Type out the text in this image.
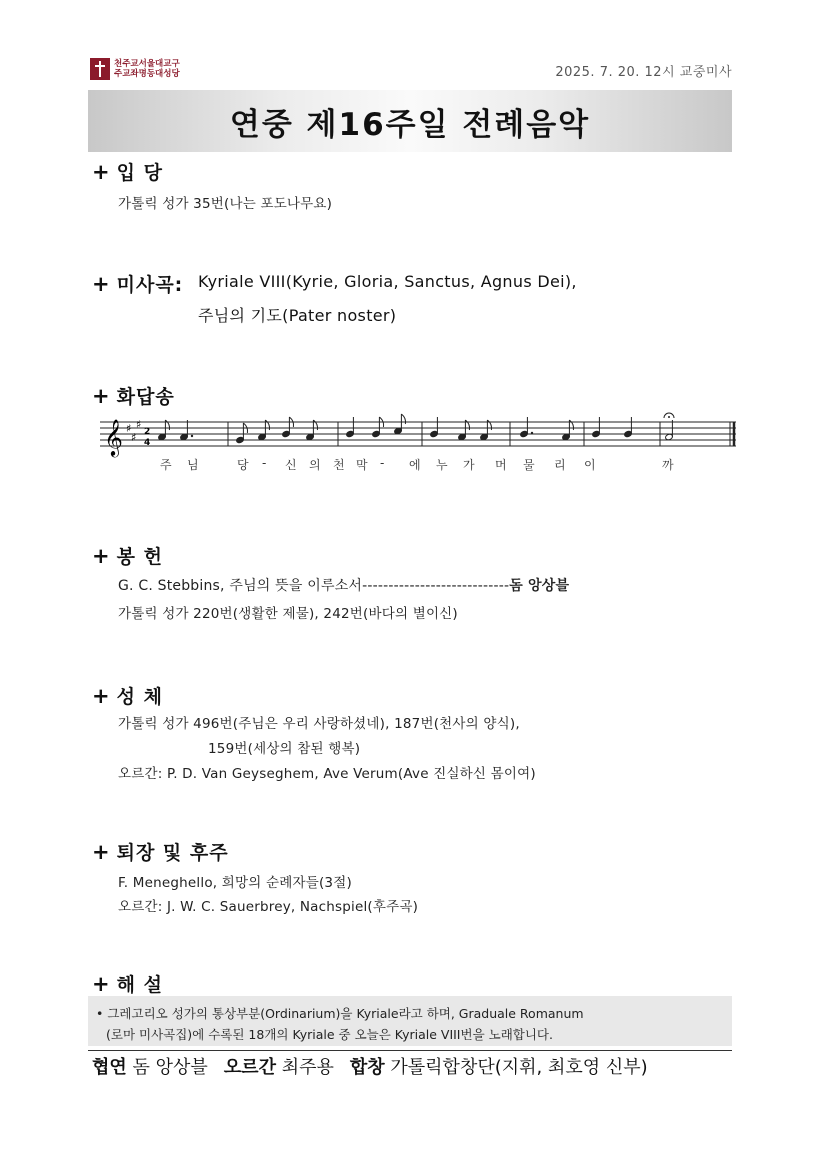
천주교서울대교구
주교좌명동대성당	2025. 7. 20. 12시 교중미사
연중 제16주일 전례음악
+ 입 당
가톨릭 성가 35번(나는 포도나무요)
+ 미사곡: Kyriale VIII(Kyrie, Gloria, Sanctus, Agnus Dei),
주님의 기도(Pater noster)
+ 화답송
𝄞 ♯
♯
♯
2
4
주 님	당 - 신 의 천 막 - 에 누 가 머 물 리 이	까
+ 봉 헌
G. C. Stebbins, 주님의 뜻을 이루소서----------------------------돔 앙상블
가톨릭 성가 220번(생활한 제물), 242번(바다의 별이신)
+ 성 체
가톨릭 성가 496번(주님은 우리 사랑하셨네), 187번(천사의 양식),
159번(세상의 참된 행복)
오르간: P. D. Van Geyseghem, Ave Verum(Ave 진실하신 몸이여)
+ 퇴장 및 후주
F. Meneghello, 희망의 순례자들(3절)
오르간: J. W. C. Sauerbrey, Nachspiel(후주곡)
+ 해 설
• 그레고리오 성가의 통상부분(Ordinarium)을 Kyriale라고 하며, Graduale Romanum
(로마 미사곡집)에 수록된 18개의 Kyriale 중 오늘은 Kyriale VIII번을 노래합니다.
협연 돔 앙상블 오르간 최주용 합창 가톨릭합창단(지휘, 최호영 신부)
